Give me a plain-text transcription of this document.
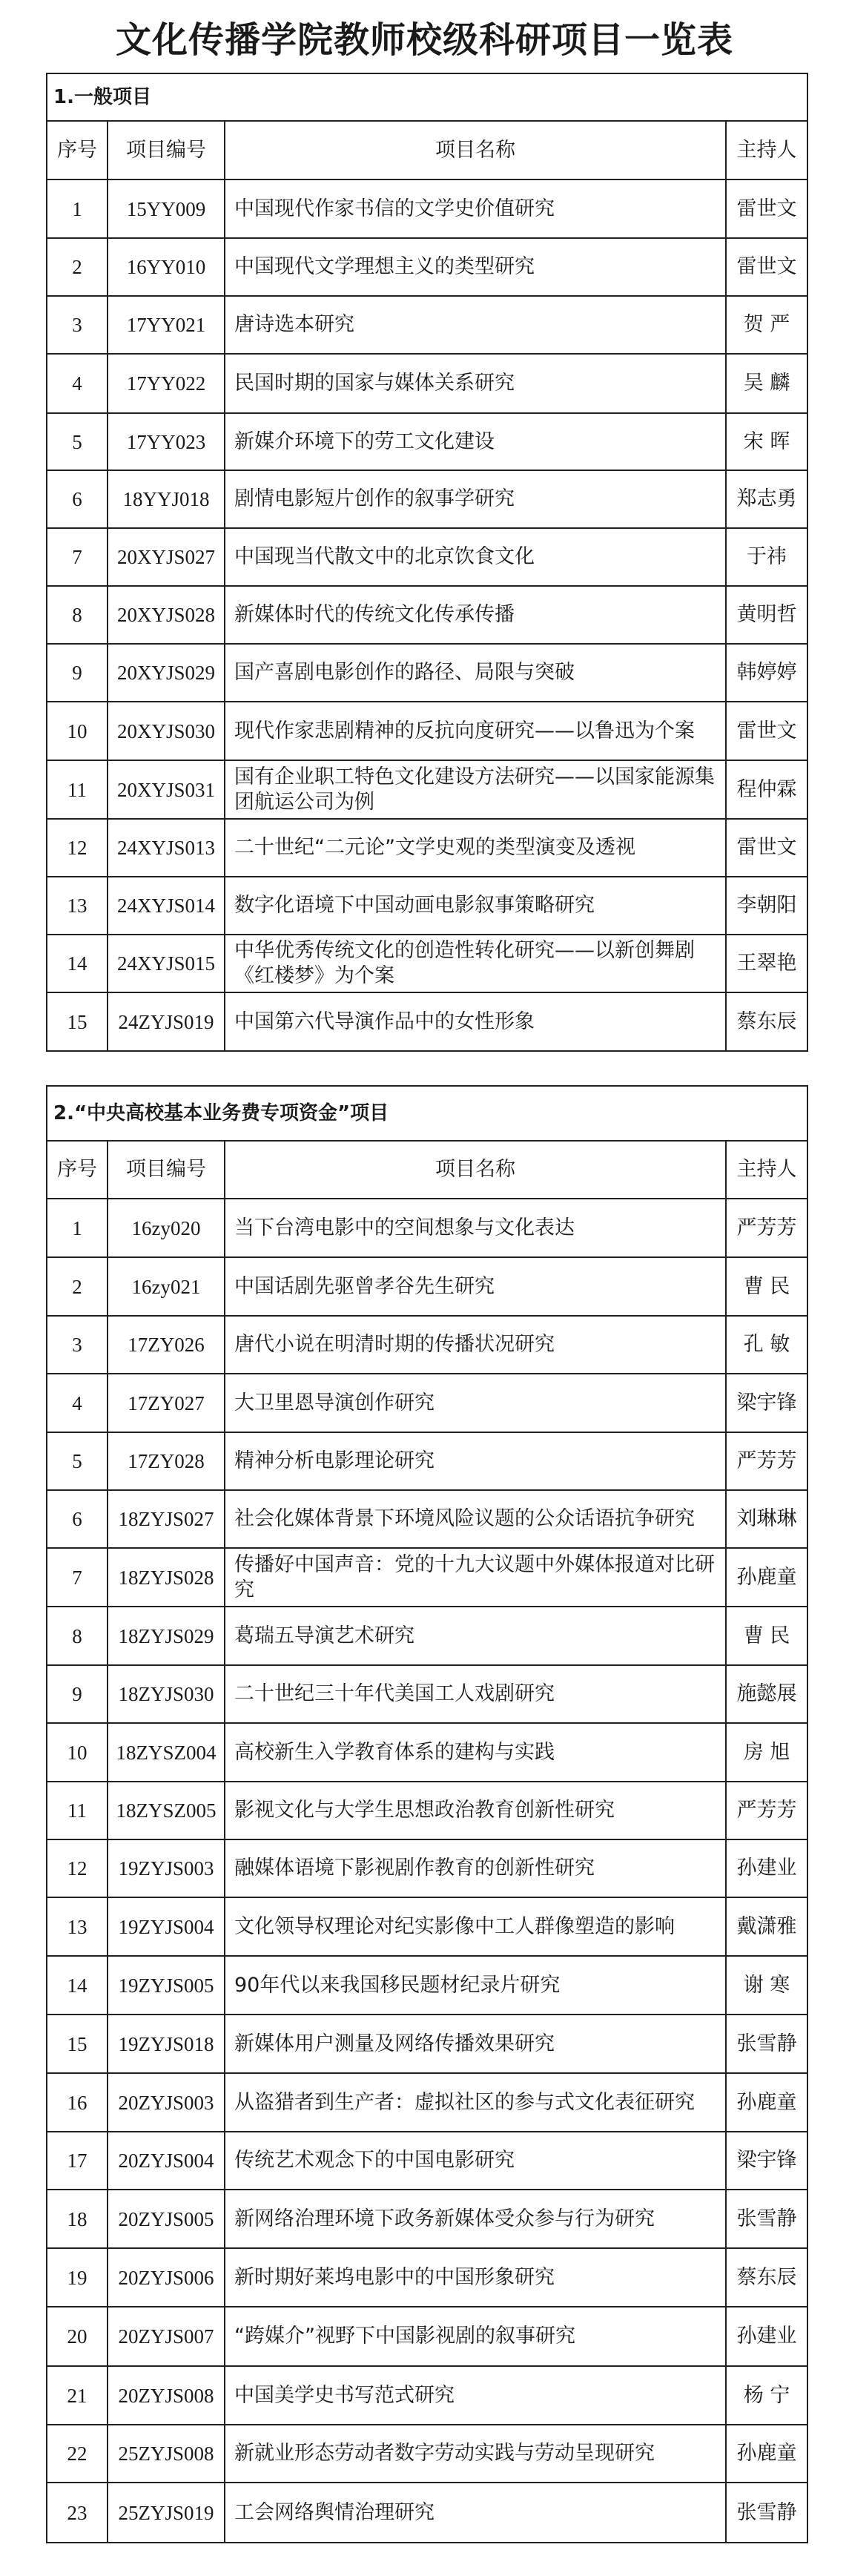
文化传播学院教师校级科研项目一览表
1.一般项目			
序号	项目编号	项目名称	主持人
1	15YY009	中国现代作家书信的文学史价值研究	雷世文
2	16YY010	中国现代文学理想主义的类型研究	雷世文
3	17YY021	唐诗选本研究	贺 严
4	17YY022	民国时期的国家与媒体关系研究	吴 麟
5	17YY023	新媒介环境下的劳工文化建设	宋 晖
6	18YYJ018	剧情电影短片创作的叙事学研究	郑志勇
7	20XYJS027	中国现当代散文中的北京饮食文化	于祎
8	20XYJS028	新媒体时代的传统文化传承传播	黄明哲
9	20XYJS029	国产喜剧电影创作的路径、局限与突破	韩婷婷
10	20XYJS030	现代作家悲剧精神的反抗向度研究——以鲁迅为个案	雷世文
11	20XYJS031	国有企业职工特色文化建设方法研究——以国家能源集团航运公司为例	程仲霖
12	24XYJS013	二十世纪“二元论”文学史观的类型演变及透视	雷世文
13	24XYJS014	数字化语境下中国动画电影叙事策略研究	李朝阳
14	24XYJS015	中华优秀传统文化的创造性转化研究——以新创舞剧《红楼梦》为个案	王翠艳
15	24ZYJS019	中国第六代导演作品中的女性形象	蔡东辰
2.“中央高校基本业务费专项资金”项目			
序号	项目编号	项目名称	主持人
1	16zy020	当下台湾电影中的空间想象与文化表达	严芳芳
2	16zy021	中国话剧先驱曾孝谷先生研究	曹 民
3	17ZY026	唐代小说在明清时期的传播状况研究	孔 敏
4	17ZY027	大卫里恩导演创作研究	梁宇锋
5	17ZY028	精神分析电影理论研究	严芳芳
6	18ZYJS027	社会化媒体背景下环境风险议题的公众话语抗争研究	刘琳琳
7	18ZYJS028	传播好中国声音：党的十九大议题中外媒体报道对比研究	孙鹿童
8	18ZYJS029	葛瑞五导演艺术研究	曹 民
9	18ZYJS030	二十世纪三十年代美国工人戏剧研究	施懿展
10	18ZYSZ004	高校新生入学教育体系的建构与实践	房 旭
11	18ZYSZ005	影视文化与大学生思想政治教育创新性研究	严芳芳
12	19ZYJS003	融媒体语境下影视剧作教育的创新性研究	孙建业
13	19ZYJS004	文化领导权理论对纪实影像中工人群像塑造的影响	戴潇雅
14	19ZYJS005	90年代以来我国移民题材纪录片研究	谢 寒
15	19ZYJS018	新媒体用户测量及网络传播效果研究	张雪静
16	20ZYJS003	从盗猎者到生产者：虚拟社区的参与式文化表征研究	孙鹿童
17	20ZYJS004	传统艺术观念下的中国电影研究	梁宇锋
18	20ZYJS005	新网络治理环境下政务新媒体受众参与行为研究	张雪静
19	20ZYJS006	新时期好莱坞电影中的中国形象研究	蔡东辰
20	20ZYJS007	“跨媒介”视野下中国影视剧的叙事研究	孙建业
21	20ZYJS008	中国美学史书写范式研究	杨 宁
22	25ZYJS008	新就业形态劳动者数字劳动实践与劳动呈现研究	孙鹿童
23	25ZYJS019	工会网络舆情治理研究	张雪静
